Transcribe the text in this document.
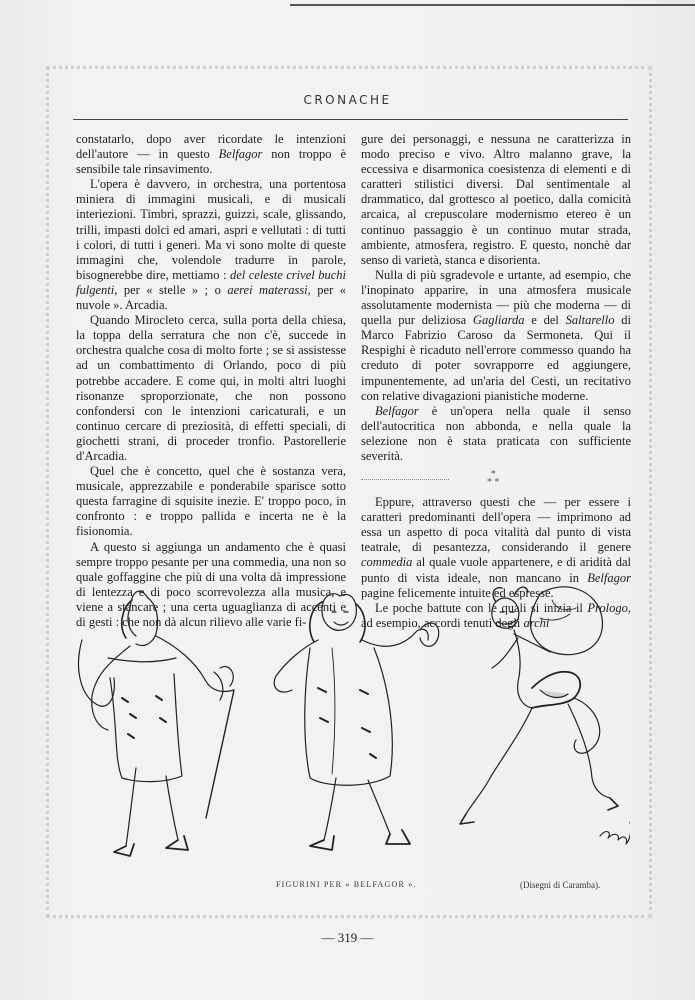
CRONACHE

constatarlo, dopo aver ricordate le intenzioni dell'autore — in questo Belfagor non troppo è sensibile tale rinsavimento.

L'opera è davvero, in orchestra, una portentosa miniera di immagini musicali, e di musicali interiezioni. Timbri, sprazzi, guizzi, scale, glissando, trilli, impasti dolci ed amari, aspri e vellutati : di tutti i colori, di tutti i generi. Ma vi sono molte di queste immagini che, volendole tradurre in parole, bisognerebbe dire, mettiamo : del celeste crivel buchi fulgenti, per « stelle » ; o aerei materassi, per « nuvole ». Arcadia.

Quando Mirocleto cerca, sulla porta della chiesa, la toppa della serratura che non c'è, succede in orchestra qualche cosa di molto forte ; se si assistesse ad un combattimento di Orlando, poco di più potrebbe accadere. E come qui, in molti altri luoghi risonanze sproporzionate, che non possono confondersi con le intenzioni caricaturali, e un continuo cercare di preziosità, di effetti speciali, di giochetti strani, di proceder tronfio. Pastorellerie d'Arcadia.

Quel che è concetto, quel che è sostanza vera, musicale, apprezzabile e ponderabile sparisce sotto questa farragine di squisite inezie. E' troppo poco, in confronto : e troppo pallida e incerta ne è la fisionomia.

A questo si aggiunga un andamento che è quasi sempre troppo pesante per una commedia, una non so quale goffaggine che più di una volta dà impressione di lentezza e di poco scorrevolezza alla musica, e viene a stancare ; una certa uguaglianza di accenti e di gesti : che non dà alcun rilievo alle varie fi-

gure dei personaggi, e nessuna ne caratterizza in modo preciso e vivo. Altro malanno grave, la eccessiva e disarmonica coesistenza di elementi e di caratteri stilistici diversi. Dal sentimentale al drammatico, dal grottesco al poetico, dalla comicità arcaica, al crepuscolare modernismo etereo è un continuo passaggio è un continuo mutar strada, ambiente, atmosfera, registro. E questo, nonchè dar senso di varietà, stanca e disorienta.

Nulla di più sgradevole e urtante, ad esempio, che l'inopinato apparire, in una atmosfera musicale assolutamente modernista — più che moderna — di quella pur deliziosa Gagliarda e del Saltarello di Marco Fabrizio Caroso da Sermoneta. Qui il Respighi è ricaduto nell'errore commesso quando ha creduto di poter sovrapporre ed aggiungere, impunentemente, ad un'aria del Cesti, un recitativo con relative divagazioni pianistiche moderne.

Belfagor è un'opera nella quale il senso dell'autocritica non abbonda, e nella quale la selezione non è stata praticata con sufficiente severità.

*
* *

Eppure, attraverso questi che — per essere i caratteri predominanti dell'opera — imprimono ad essa un aspetto di poca vitalità dal punto di vista teatrale, di pesantezza, considerando il genere commedia al quale vuole appartenere, e di aridità dal punto di vista ideale, non mancano in Belfagor pagine felicemente intuite ed espresse.

Le poche battute con le quali si inizia il Prologo, ad esempio, accordi tenuti degli archi

FIGURINI PER « BELFAGOR ».	(Disegni di Caramba).
— 319 —
